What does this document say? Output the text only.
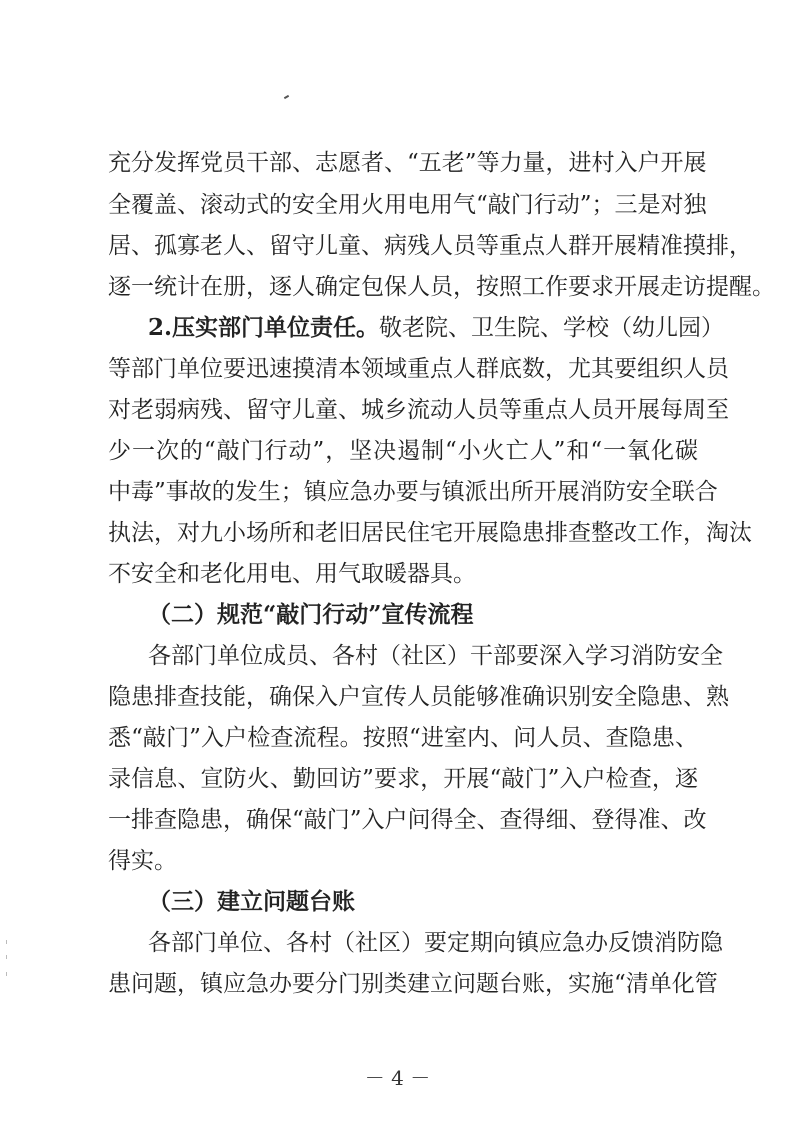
充分发挥党员干部、志愿者、“五老”等力量，进村入户开展
全覆盖、滚动式的安全用火用电用气“敲门行动”；三是对独
居、孤寡老人、留守儿童、病残人员等重点人群开展精准摸排，
逐一统计在册，逐人确定包保人员，按照工作要求开展走访提醒。
2.压实部门单位责任。敬老院、卫生院、学校（幼儿园）
等部门单位要迅速摸清本领域重点人群底数，尤其要组织人员
对老弱病残、留守儿童、城乡流动人员等重点人员开展每周至
少一次的“敲门行动”，坚决遏制“小火亡人”和“一氧化碳
中毒”事故的发生；镇应急办要与镇派出所开展消防安全联合
执法，对九小场所和老旧居民住宅开展隐患排查整改工作，淘汰
不安全和老化用电、用气取暖器具。
（二）规范“敲门行动”宣传流程
各部门单位成员、各村（社区）干部要深入学习消防安全
隐患排查技能，确保入户宣传人员能够准确识别安全隐患、熟
悉“敲门”入户检查流程。按照“进室内、问人员、查隐患、
录信息、宣防火、勤回访”要求，开展“敲门”入户检查，逐
一排查隐患，确保“敲门”入户问得全、查得细、登得准、改
得实。
（三）建立问题台账
各部门单位、各村（社区）要定期向镇应急办反馈消防隐
患问题，镇应急办要分门别类建立问题台账，实施“清单化管
－ 4 －
